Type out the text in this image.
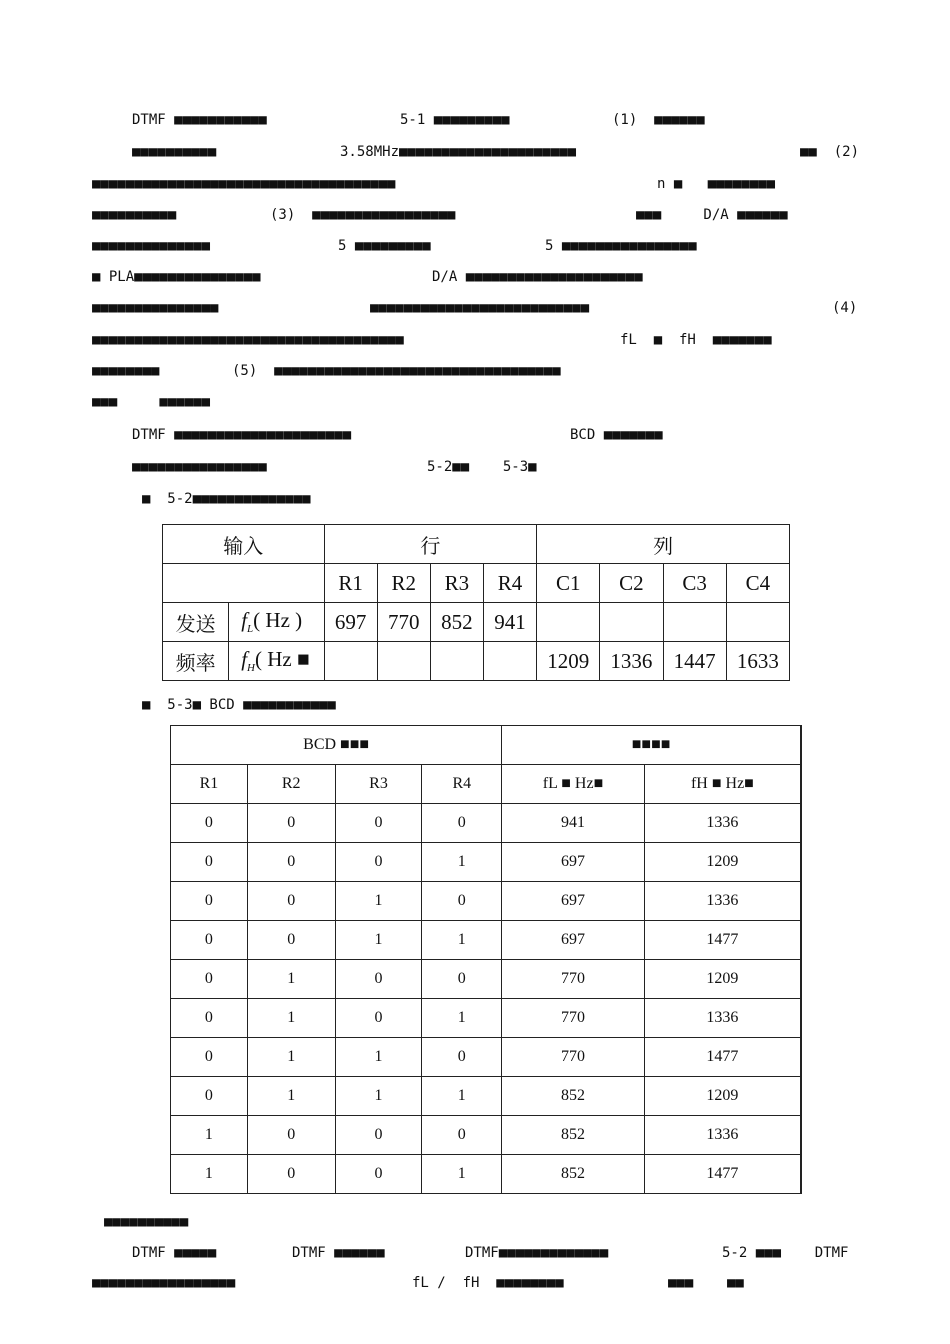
DTMF ■■■■■■■■■■■	5-1 ■■■■■■■■■	(1)  ■■■■■■
■■■■■■■■■■	3.58MHz■■■■■■■■■■■■■■■■■■■■■	■■  (2)
■■■■■■■■■■■■■■■■■■■■■■■■■■■■■■■■■■■■	n ■   ■■■■■■■■
■■■■■■■■■■	(3)  ■■■■■■■■■■■■■■■■■	■■■     D/A ■■■■■■
■■■■■■■■■■■■■■	5 ■■■■■■■■■	5 ■■■■■■■■■■■■■■■■
■ PLA■■■■■■■■■■■■■■■	D/A ■■■■■■■■■■■■■■■■■■■■■
■■■■■■■■■■■■■■■	■■■■■■■■■■■■■■■■■■■■■■■■■■	(4)
■■■■■■■■■■■■■■■■■■■■■■■■■■■■■■■■■■■■■	fL  ■  fH  ■■■■■■■
■■■■■■■■	(5)  ■■■■■■■■■■■■■■■■■■■■■■■■■■■■■■■■■■
■■■     ■■■■■■
DTMF ■■■■■■■■■■■■■■■■■■■■■	BCD ■■■■■■■
■■■■■■■■■■■■■■■■	5-2■■    5-3■
■  5-2■■■■■■■■■■■■■■
输入		行				列			
		R1	R2	R3	R4	C1	C2	C3	C4
发送	$f_L$( Hz )	697	770	852	941				
频率	$f_H$( Hz ■					1209	1336	1447	1633
■  5-3■ BCD ■■■■■■■■■■■
BCD ■■■				■■■■	
R1	R2	R3	R4	fL ■ Hz■	fH ■ Hz■
0	0	0	0	941	1336
0	0	0	1	697	1209
0	0	1	0	697	1336
0	0	1	1	697	1477
0	1	0	0	770	1209
0	1	0	1	770	1336
0	1	1	0	770	1477
0	1	1	1	852	1209
1	0	0	0	852	1336
1	0	0	1	852	1477
■■■■■■■■■■
DTMF ■■■■■	DTMF ■■■■■■	DTMF■■■■■■■■■■■■■	5-2 ■■■    DTMF
■■■■■■■■■■■■■■■■■	fL /  fH  ■■■■■■■■	■■■    ■■
